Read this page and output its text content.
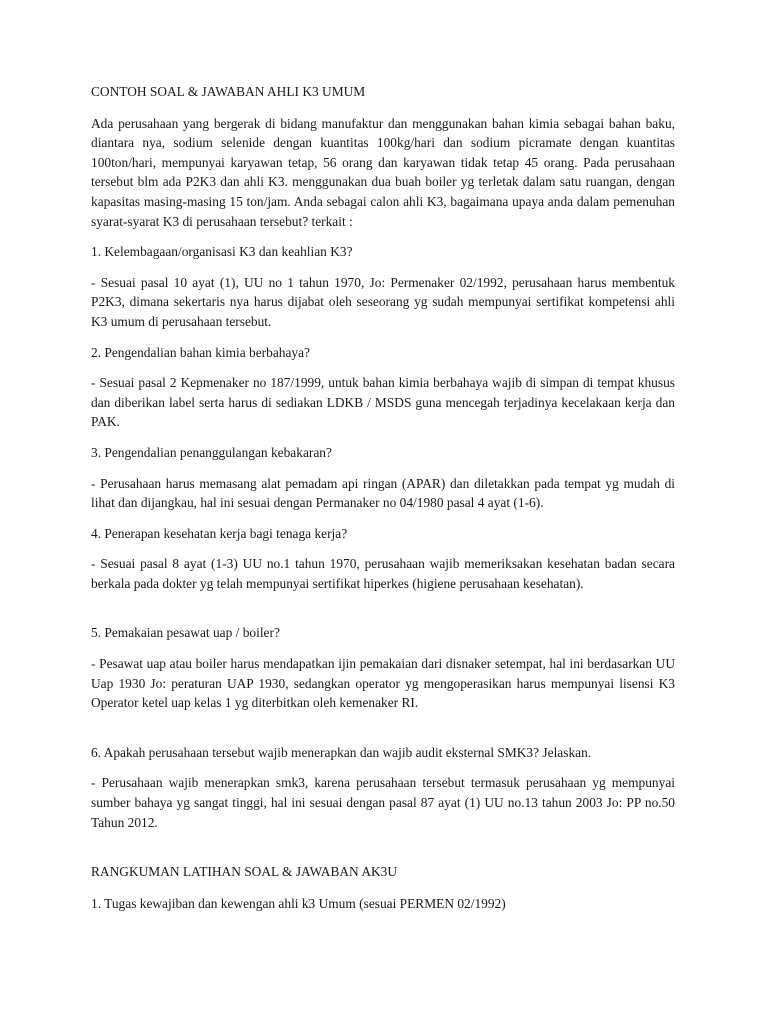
CONTOH SOAL & JAWABAN AHLI K3 UMUM

Ada perusahaan yang bergerak di bidang manufaktur dan menggunakan bahan kimia sebagai bahan baku, diantara nya, sodium selenide dengan kuantitas 100kg/hari dan sodium picramate dengan kuantitas 100ton/hari, mempunyai karyawan tetap, 56 orang dan karyawan tidak tetap 45 orang. Pada perusahaan tersebut blm ada P2K3 dan ahli K3. menggunakan dua buah boiler yg terletak dalam satu ruangan, dengan kapasitas masing-masing 15 ton/jam. Anda sebagai calon ahli K3, bagaimana upaya anda dalam pemenuhan syarat-syarat K3 di perusahaan tersebut? terkait :

1. Kelembagaan/organisasi K3 dan keahlian K3?

- Sesuai pasal 10 ayat (1), UU no 1 tahun 1970, Jo: Permenaker 02/1992, perusahaan harus membentuk P2K3, dimana sekertaris nya harus dijabat oleh seseorang yg sudah mempunyai sertifikat kompetensi ahli K3 umum di perusahaan tersebut.

2. Pengendalian bahan kimia berbahaya?

- Sesuai pasal 2 Kepmenaker no 187/1999, untuk bahan kimia berbahaya wajib di simpan di tempat khusus dan diberikan label serta harus di sediakan LDKB / MSDS guna mencegah terjadinya kecelakaan kerja dan PAK.

3. Pengendalian penanggulangan kebakaran?

- Perusahaan harus memasang alat pemadam api ringan (APAR) dan diletakkan pada tempat yg mudah di lihat dan dijangkau, hal ini sesuai dengan Permanaker no 04/1980 pasal 4 ayat (1-6).

4. Penerapan kesehatan kerja bagi tenaga kerja?

- Sesuai pasal 8 ayat (1-3) UU no.1 tahun 1970, perusahaan wajib memeriksakan kesehatan badan secara berkala pada dokter yg telah mempunyai sertifikat hiperkes (higiene perusahaan kesehatan).

5. Pemakaian pesawat uap / boiler?

- Pesawat uap atau boiler harus mendapatkan ijin pemakaian dari disnaker setempat, hal ini berdasarkan UU Uap 1930 Jo: peraturan UAP 1930, sedangkan operator yg mengoperasikan harus mempunyai lisensi K3 Operator ketel uap kelas 1 yg diterbitkan oleh kemenaker RI.

6. Apakah perusahaan tersebut wajib menerapkan dan wajib audit eksternal SMK3? Jelaskan.

- Perusahaan wajib menerapkan smk3, karena perusahaan tersebut termasuk perusahaan yg mempunyai sumber bahaya yg sangat tinggi, hal ini sesuai dengan pasal 87 ayat (1) UU no.13 tahun 2003 Jo: PP no.50 Tahun 2012.

RANGKUMAN LATIHAN SOAL & JAWABAN AK3U

1. Tugas kewajiban dan kewengan ahli k3 Umum (sesuai PERMEN 02/1992)
